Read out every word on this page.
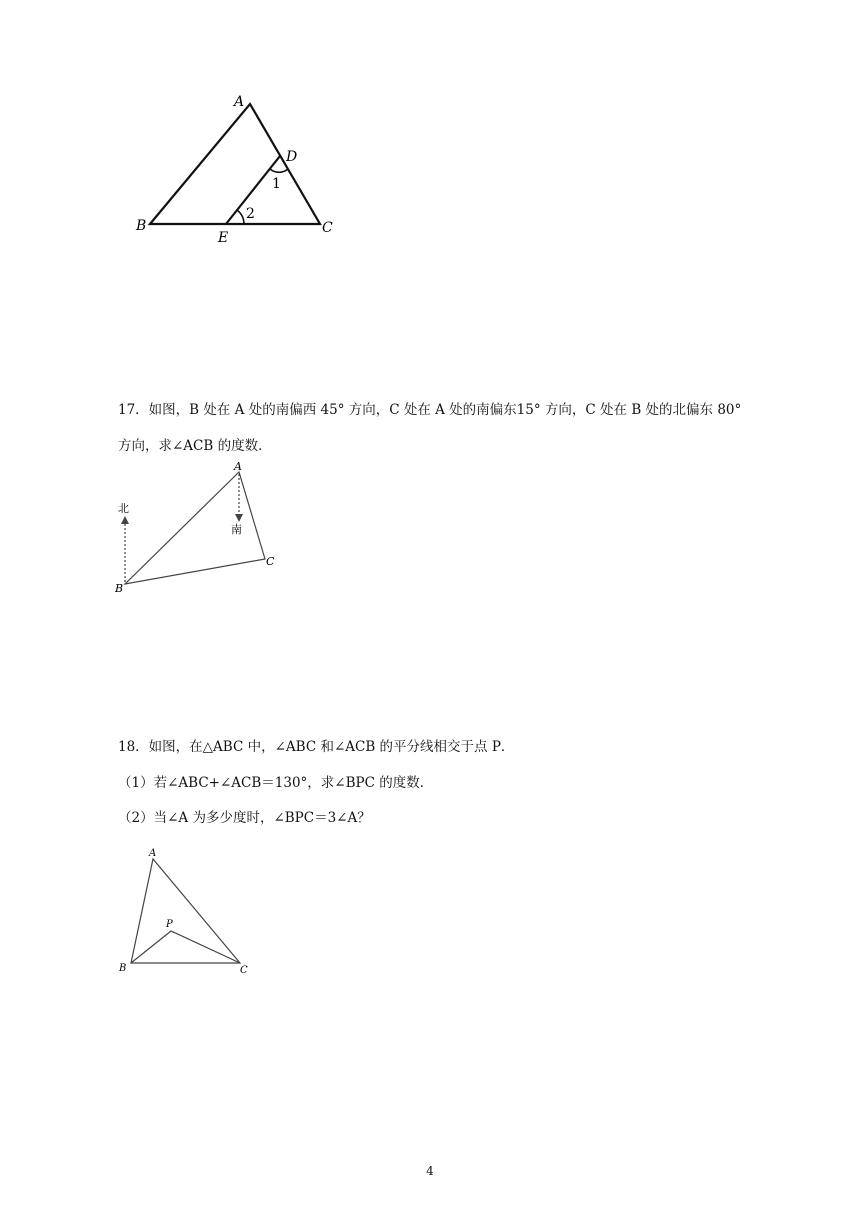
A
B	C
D
E
1
2
17．如图，B 处在 A 处的南偏西 45° 方向，C 处在 A 处的南偏东15° 方向，C 处在 B 处的北偏东 80°
方向，求∠ACB 的度数．
北
南
A
B
C
18．如图，在△ABC 中，∠ABC 和∠ACB 的平分线相交于点 P．
（1）若∠ABC+∠ACB＝130°，求∠BPC 的度数．
（2）当∠A 为多少度时，∠BPC＝3∠A？
A
B	C
P
4
